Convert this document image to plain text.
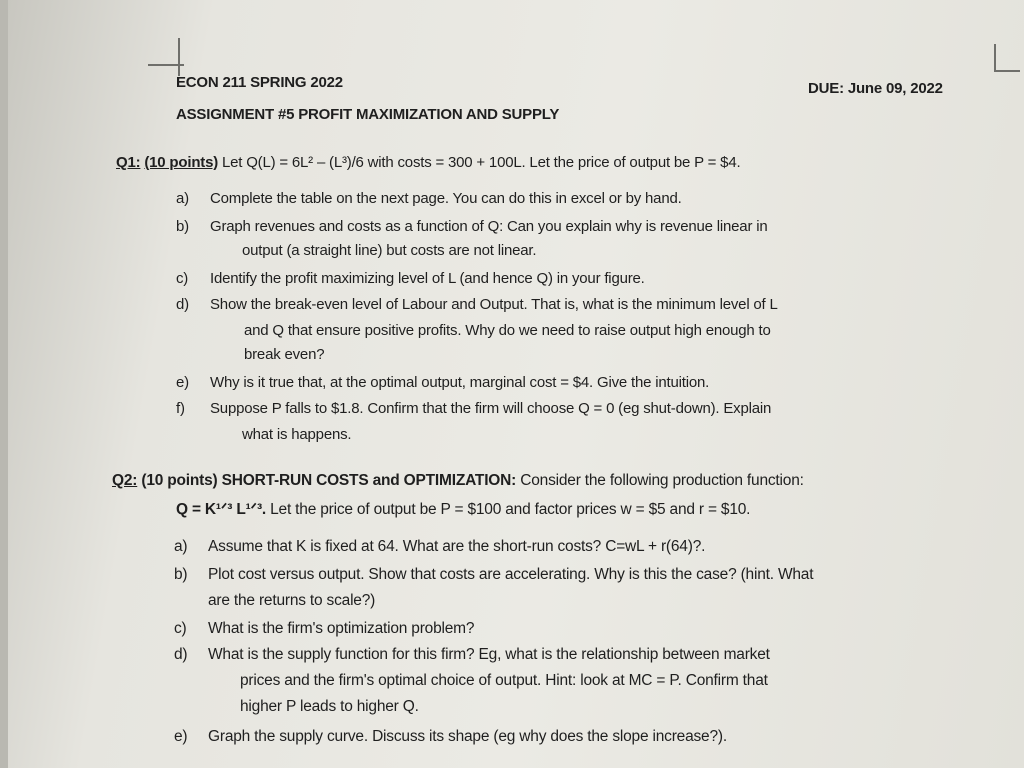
ECON 211 SPRING 2022	DUE: June 09, 2022
ASSIGNMENT #5 PROFIT MAXIMIZATION AND SUPPLY
Q1: (10 points) Let Q(L) = 6L² – (L³)/6 with costs = 300 + 100L. Let the price of output be P = $4.
a) Complete the table on the next page. You can do this in excel or by hand.
b) Graph revenues and costs as a function of Q: Can you explain why is revenue linear in
output (a straight line) but costs are not linear.
c) Identify the profit maximizing level of L (and hence Q) in your figure.
d) Show the break-even level of Labour and Output. That is, what is the minimum level of L
and Q that ensure positive profits. Why do we need to raise output high enough to
break even?
e) Why is it true that, at the optimal output, marginal cost = $4. Give the intuition.
f) Suppose P falls to $1.8. Confirm that the firm will choose Q = 0 (eg shut-down). Explain
what is happens.
Q2: (10 points) SHORT-RUN COSTS and OPTIMIZATION: Consider the following production function:
Q = K¹ᐟ³ L¹ᐟ³. Let the price of output be P = $100 and factor prices w = $5 and r = $10.
a) Assume that K is fixed at 64. What are the short-run costs? C=wL + r(64)?.
b) Plot cost versus output. Show that costs are accelerating. Why is this the case? (hint. What
are the returns to scale?)
c) What is the firm's optimization problem?
d) What is the supply function for this firm? Eg, what is the relationship between market
prices and the firm's optimal choice of output. Hint: look at MC = P. Confirm that
higher P leads to higher Q.
e) Graph the supply curve. Discuss its shape (eg why does the slope increase?).
